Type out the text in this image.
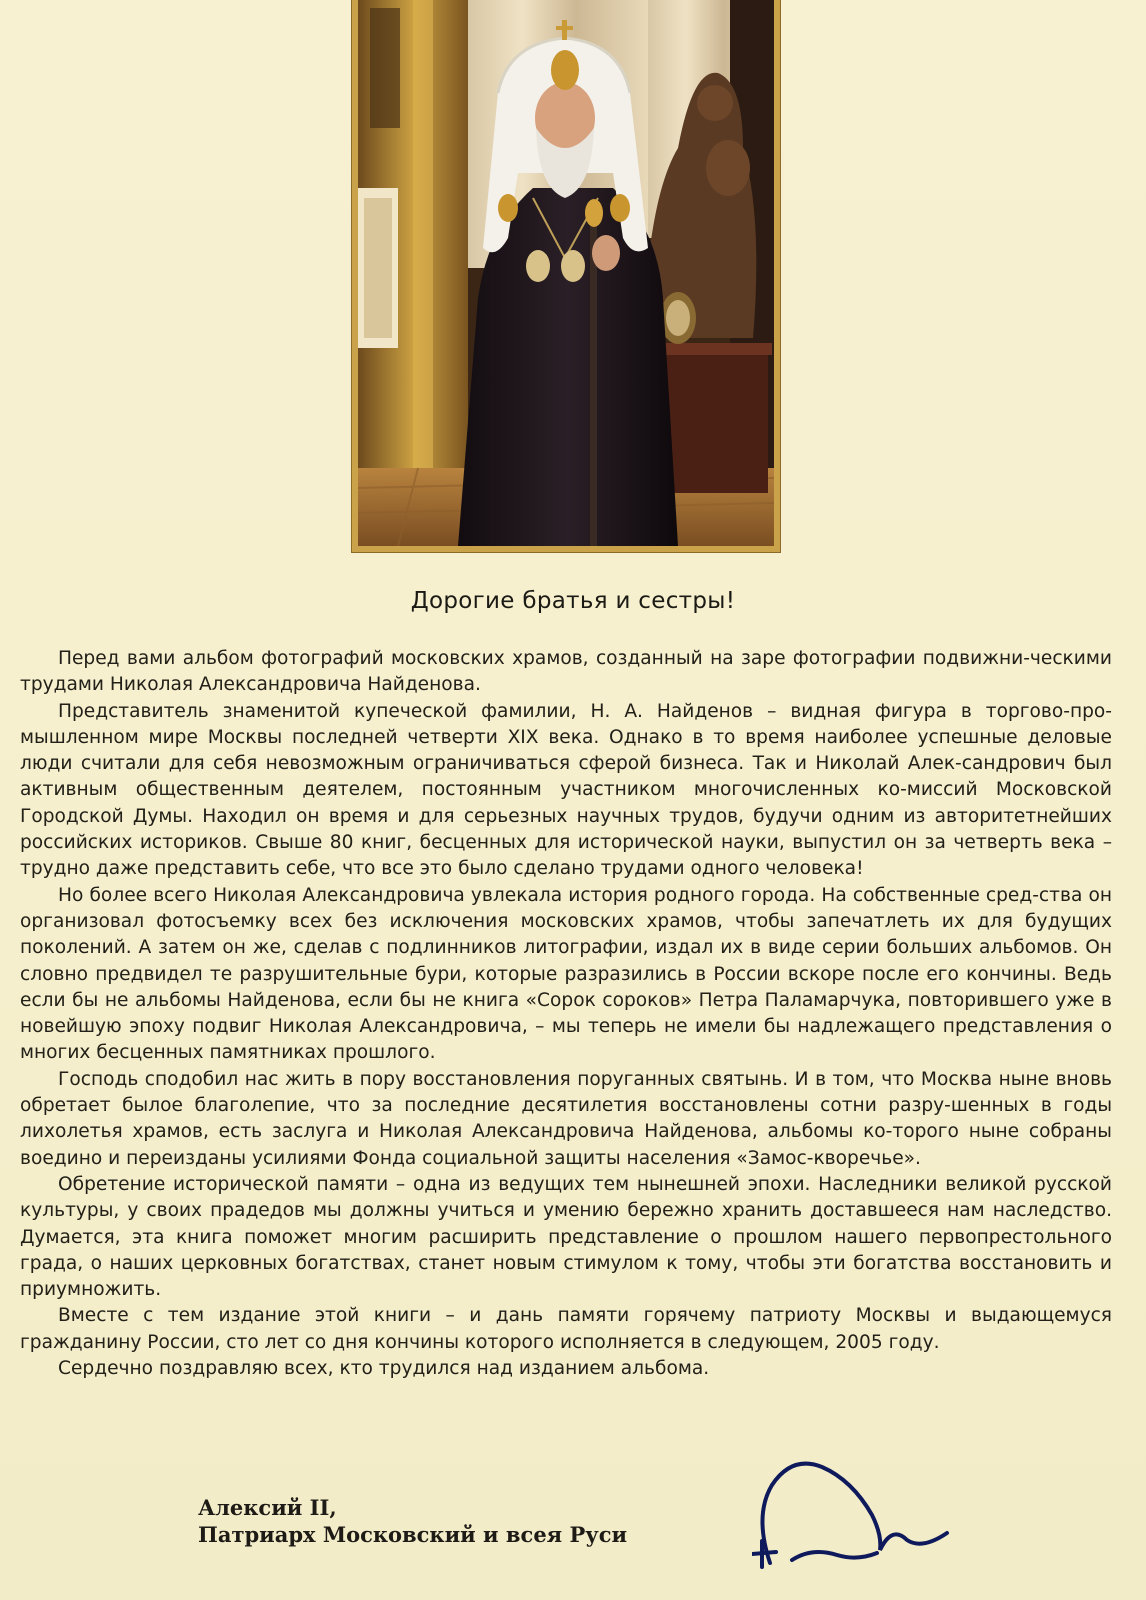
Дорогие братья и сестры!

Перед вами альбом фотографий московских храмов, созданный на заре фотографии подвижни-ческими трудами Николая Александровича Найденова.

Представитель знаменитой купеческой фамилии, Н. А. Найденов – видная фигура в торгово-про-мышленном мире Москвы последней четверти XIX века. Однако в то время наиболее успешные деловые люди считали для себя невозможным ограничиваться сферой бизнеса. Так и Николай Алек-сандрович был активным общественным деятелем, постоянным участником многочисленных ко-миссий Московской Городской Думы. Находил он время и для серьезных научных трудов, будучи одним из авторитетнейших российских историков. Свыше 80 книг, бесценных для исторической науки, выпустил он за четверть века – трудно даже представить себе, что все это было сделано трудами одного человека!

Но более всего Николая Александровича увлекала история родного города. На собственные сред-ства он организовал фотосъемку всех без исключения московских храмов, чтобы запечатлеть их для будущих поколений. А затем он же, сделав с подлинников литографии, издал их в виде серии больших альбомов. Он словно предвидел те разрушительные бури, которые разразились в России вскоре после его кончины. Ведь если бы не альбомы Найденова, если бы не книга «Сорок сороков» Петра Паламарчука, повторившего уже в новейшую эпоху подвиг Николая Александровича, – мы теперь не имели бы надлежащего представления о многих бесценных памятниках прошлого.

Господь сподобил нас жить в пору восстановления поруганных святынь. И в том, что Москва ныне вновь обретает былое благолепие, что за последние десятилетия восстановлены сотни разру-шенных в годы лихолетья храмов, есть заслуга и Николая Александровича Найденова, альбомы ко-торого ныне собраны воедино и переизданы усилиями Фонда социальной защиты населения «Замос-кворечье».

Обретение исторической памяти – одна из ведущих тем нынешней эпохи. Наследники великой русской культуры, у своих прадедов мы должны учиться и умению бережно хранить доставшееся нам наследство. Думается, эта книга поможет многим расширить представление о прошлом нашего первопрестольного града, о наших церковных богатствах, станет новым стимулом к тому, чтобы эти богатства восстановить и приумножить.

Вместе с тем издание этой книги – и дань памяти горячему патриоту Москвы и выдающемуся гражданину России, сто лет со дня кончины которого исполняется в следующем, 2005 году.

Сердечно поздравляю всех, кто трудился над изданием альбома.

Алексий II,
Патриарх Московский и всея Руси
